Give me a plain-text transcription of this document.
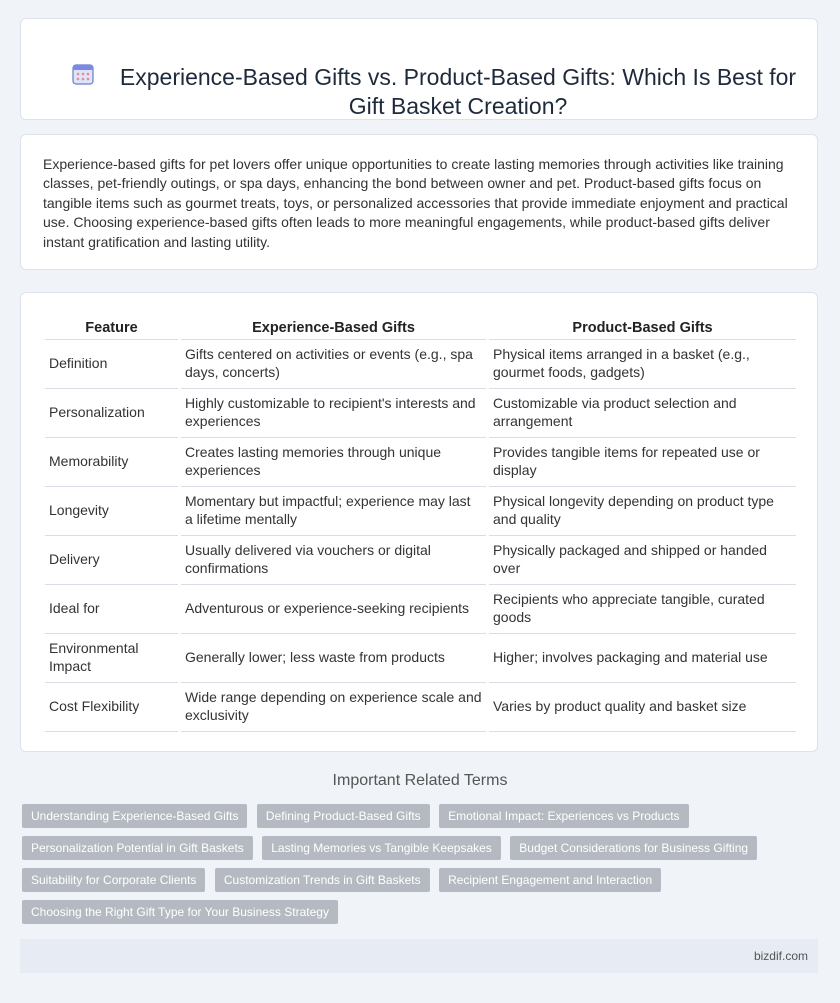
Experience-Based Gifts vs. Product-Based Gifts: Which Is Best for Gift Basket Creation?

Experience-based gifts for pet lovers offer unique opportunities to create lasting memories through activities like training classes, pet-friendly outings, or spa days, enhancing the bond between owner and pet. Product-based gifts focus on tangible items such as gourmet treats, toys, or personalized accessories that provide immediate enjoyment and practical use. Choosing experience-based gifts often leads to more meaningful engagements, while product-based gifts deliver instant gratification and lasting utility.

Feature	Experience-Based Gifts	Product-Based Gifts
Definition	Gifts centered on activities or events (e.g., spa days, concerts)	Physical items arranged in a basket (e.g., gourmet foods, gadgets)
Personalization	Highly customizable to recipient's interests and experiences	Customizable via product selection and arrangement
Memorability	Creates lasting memories through unique experiences	Provides tangible items for repeated use or display
Longevity	Momentary but impactful; experience may last a lifetime mentally	Physical longevity depending on product type and quality
Delivery	Usually delivered via vouchers or digital confirmations	Physically packaged and shipped or handed over
Ideal for	Adventurous or experience-seeking recipients	Recipients who appreciate tangible, curated goods
Environmental Impact	Generally lower; less waste from products	Higher; involves packaging and material use
Cost Flexibility	Wide range depending on experience scale and exclusivity	Varies by product quality and basket size
Important Related Terms
Understanding Experience-Based Gifts Defining Product-Based Gifts Emotional Impact: Experiences vs Products Personalization Potential in Gift Baskets Lasting Memories vs Tangible Keepsakes Budget Considerations for Business Gifting Suitability for Corporate Clients Customization Trends in Gift Baskets Recipient Engagement and Interaction Choosing the Right Gift Type for Your Business Strategy
bizdif.com
